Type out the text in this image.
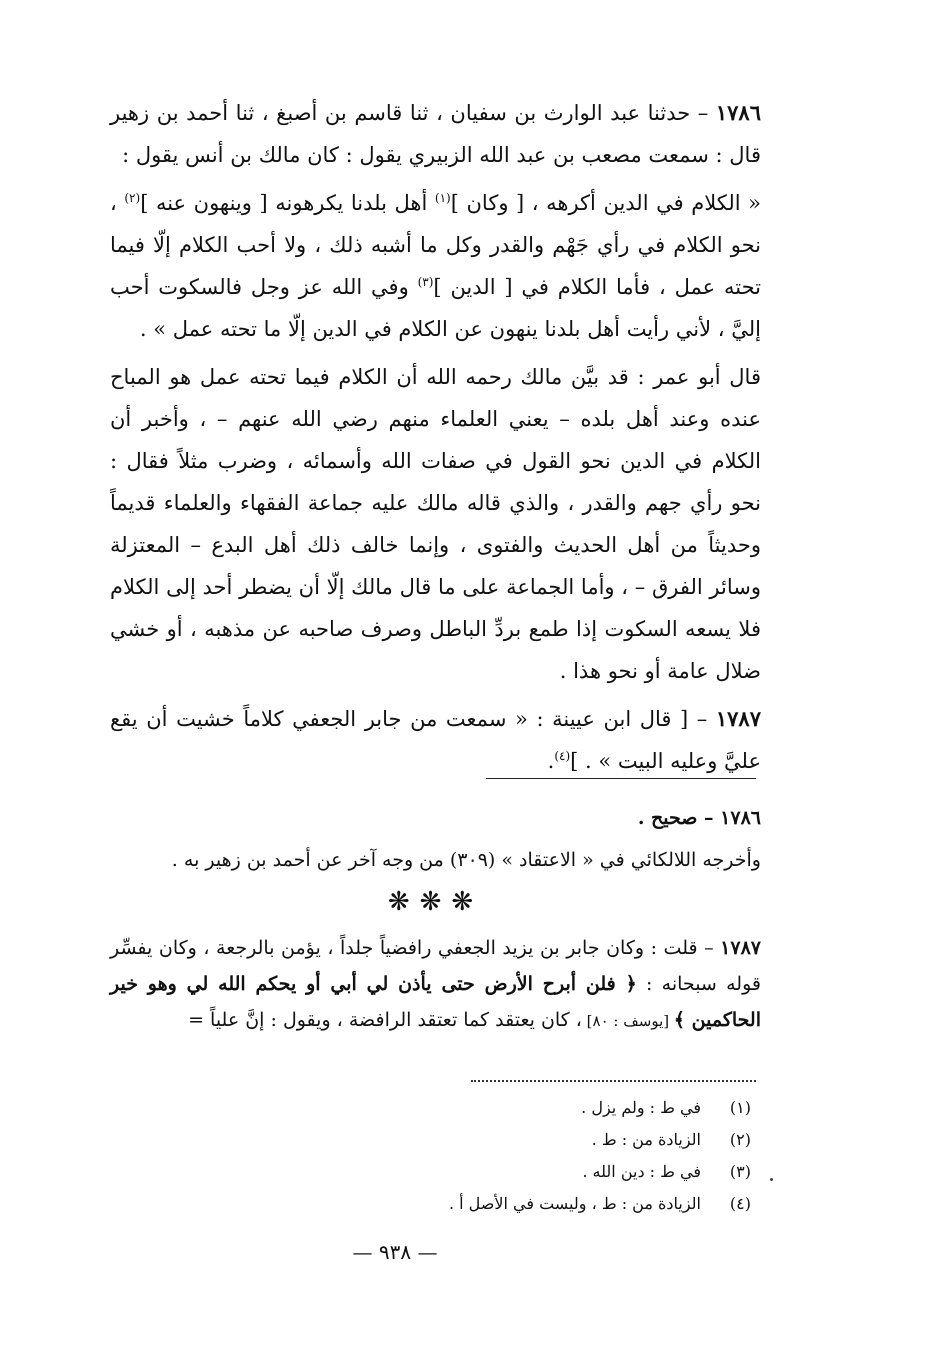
١٧٨٦ – حدثنا عبد الوارث بن سفيان ، ثنا قاسم بن أصبغ ، ثنا أحمد بن زهير قال : سمعت مصعب بن عبد الله الزبيري يقول : كان مالك بن أنس يقول :

« الكلام في الدين أكرهه ، [ وكان ]$^{(١)}$ أهل بلدنا يكرهونه [ وينهون عنه ]$^{(٢)}$ ، نحو الكلام في رأي جَهْم والقدر وكل ما أشبه ذلك ، ولا أحب الكلام إلّا فيما تحته عمل ، فأما الكلام في [ الدين ]$^{(٣)}$ وفي الله عز وجل فالسكوت أحب إليَّ ، لأني رأيت أهل بلدنا ينهون عن الكلام في الدين إلّا ما تحته عمل » .

قال أبو عمر : قد بيَّن مالك رحمه الله أن الكلام فيما تحته عمل هو المباح عنده وعند أهل بلده – يعني العلماء منهم رضي الله عنهم – ، وأخبر أن الكلام في الدين نحو القول في صفات الله وأسمائه ، وضرب مثلاً فقال : نحو رأي جهم والقدر ، والذي قاله مالك عليه جماعة الفقهاء والعلماء قديماً وحديثاً من أهل الحديث والفتوى ، وإنما خالف ذلك أهل البدع – المعتزلة وسائر الفرق – ، وأما الجماعة على ما قال مالك إلّا أن يضطر أحد إلى الكلام فلا يسعه السكوت إذا طمع بردِّ الباطل وصرف صاحبه عن مذهبه ، أو خشي ضلال عامة أو نحو هذا .

١٧٨٧ – [ قال ابن عيينة : « سمعت من جابر الجعفي كلاماً خشيت أن يقع عليَّ وعليه البيت » . ]$^{(٤)}$.

١٧٨٦ – صحيح .

وأخرجه اللالكائي في « الاعتقاد » (٣٠٩) من وجه آخر عن أحمد بن زهير به .

❋❋❋

١٧٨٧ – قلت : وكان جابر بن يزيد الجعفي رافضياً جلداً ، يؤمن بالرجعة ، وكان يفسِّر قوله سبحانه : ﴿ فلن أبرح الأرض حتى يأذن لي أبي أو يحكم الله لي وهو خير الحاكمين ﴾ [يوسف : ٨٠] ، كان يعتقد كما تعتقد الرافضة ، ويقول : إنَّ علياً =

(١)
في ط : ولم يزل .
(٢)
الزيادة من : ط .
(٣)
في ط : دين الله .
(٤)
الزيادة من : ط ، وليست في الأصل أ .
— ٩٣٨ —
